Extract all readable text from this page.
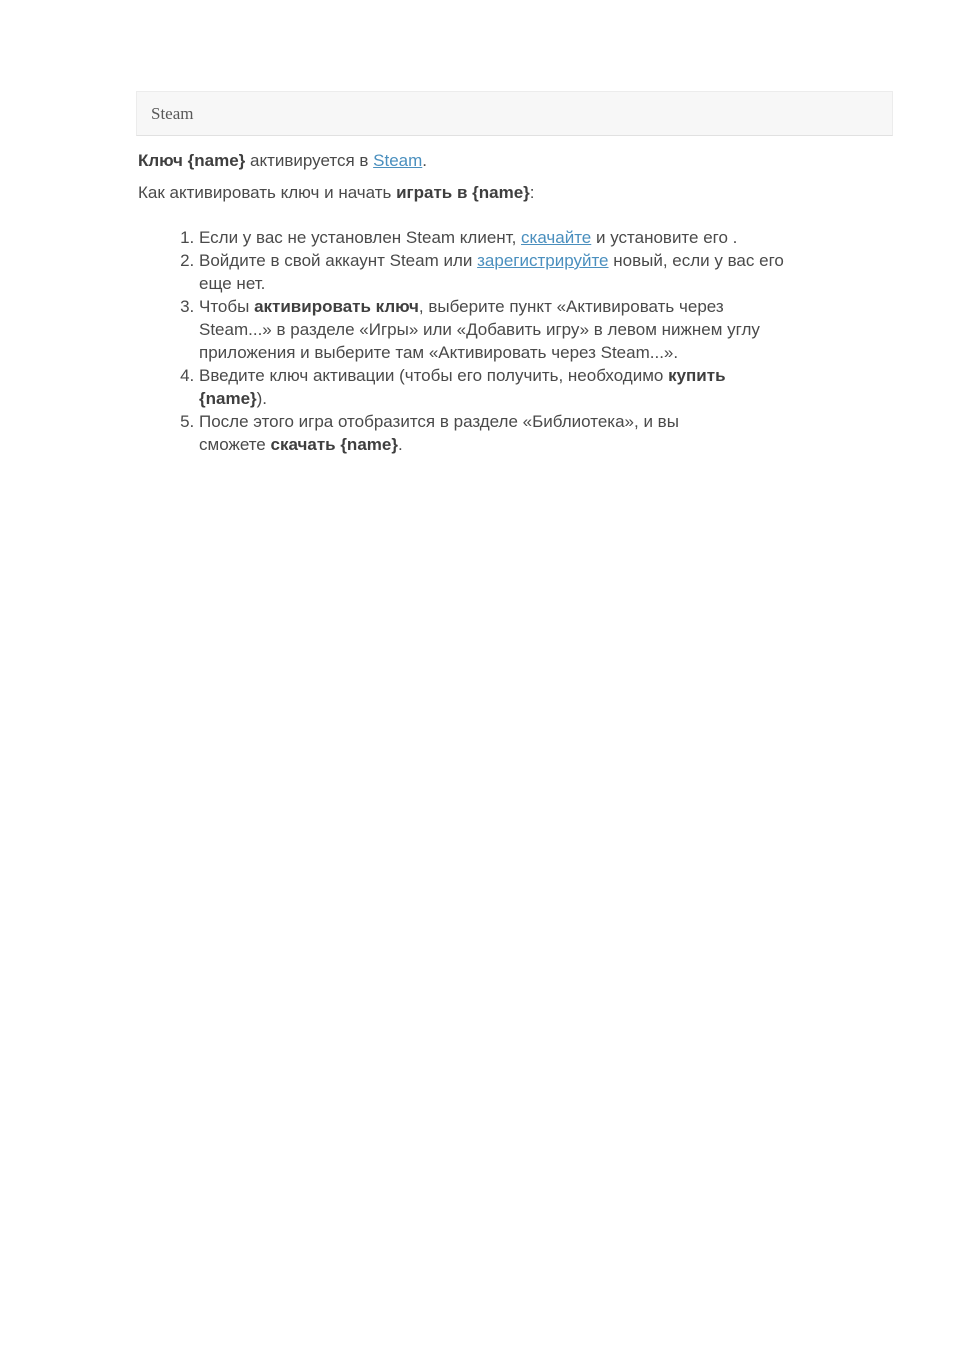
Steam

Ключ {name} активируется в Steam.

Как активировать ключ и начать играть в {name}:

1. Если у вас не установлен Steam клиент, скачайте и установите его .
2. Войдите в свой аккаунт Steam или зарегистрируйте новый, если у вас его
еще нет.
3. Чтобы активировать ключ, выберите пункт «Активировать через
Steam...» в разделе «Игры» или «Добавить игру» в левом нижнем углу
приложения и выберите там «Активировать через Steam...».
4. Введите ключ активации (чтобы его получить, необходимо купить
{name}).
5. После этого игра отобразится в разделе «Библиотека», и вы
сможете скачать {name}.
